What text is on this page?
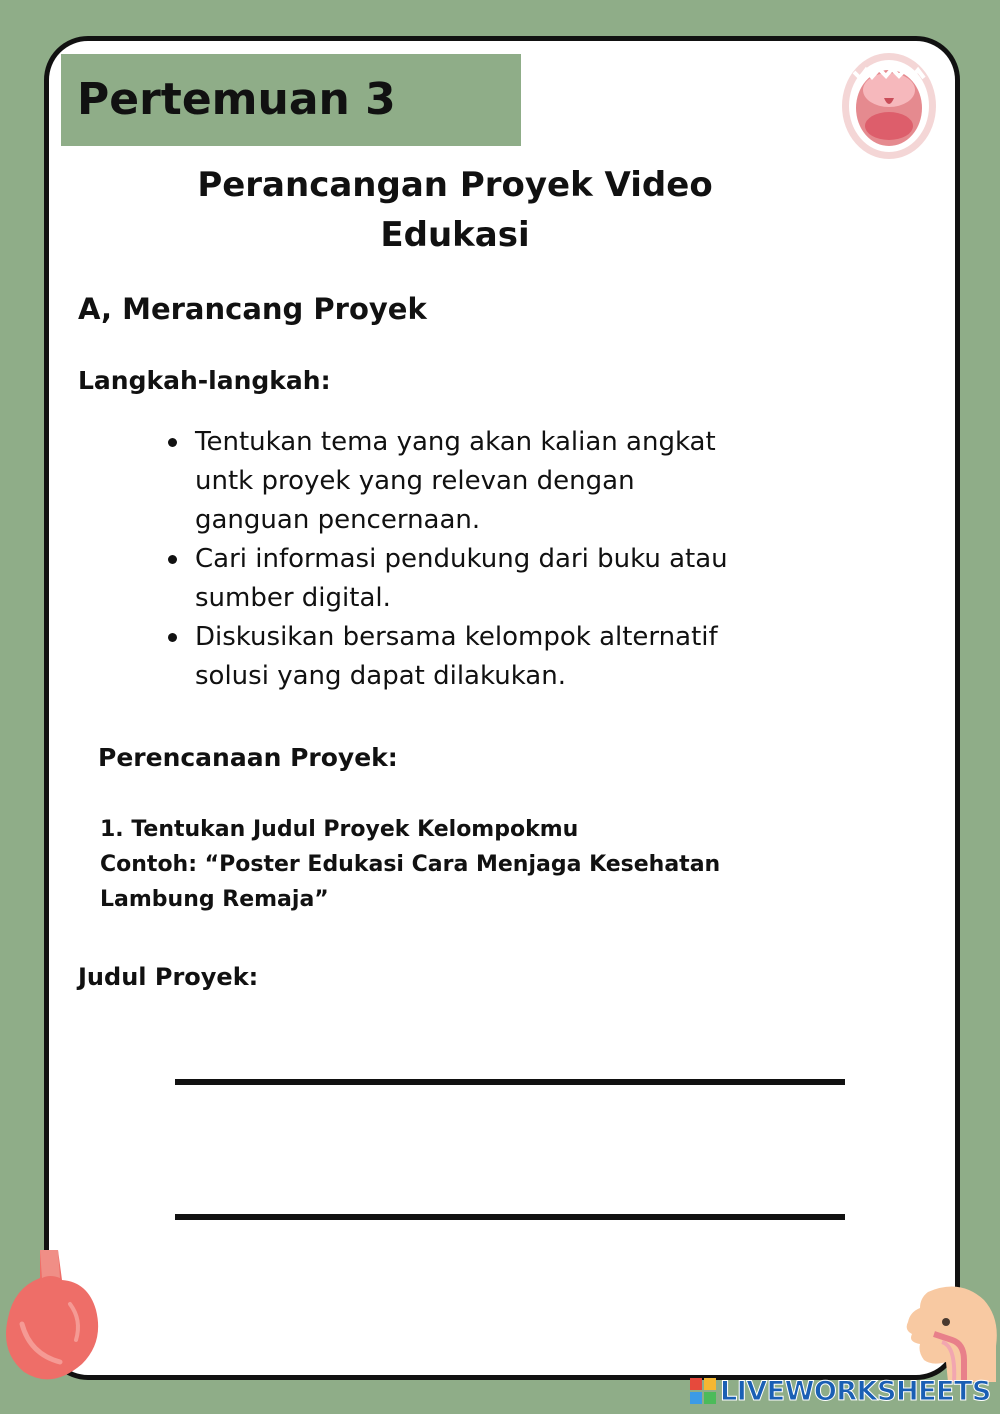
Pertemuan 3
Perancangan Proyek Video
Edukasi
A, Merancang Proyek
Langkah-langkah:
Tentukan tema yang akan kalian angkat
untk proyek yang relevan dengan
ganguan pencernaan.
Cari informasi pendukung dari buku atau
sumber digital.
Diskusikan bersama kelompok alternatif
solusi yang dapat dilakukan.
Perencanaan Proyek:
1. Tentukan Judul Proyek Kelompokmu
Contoh: “Poster Edukasi Cara Menjaga Kesehatan
Lambung Remaja”
Judul Proyek:
LIVEWORKSHEETS
